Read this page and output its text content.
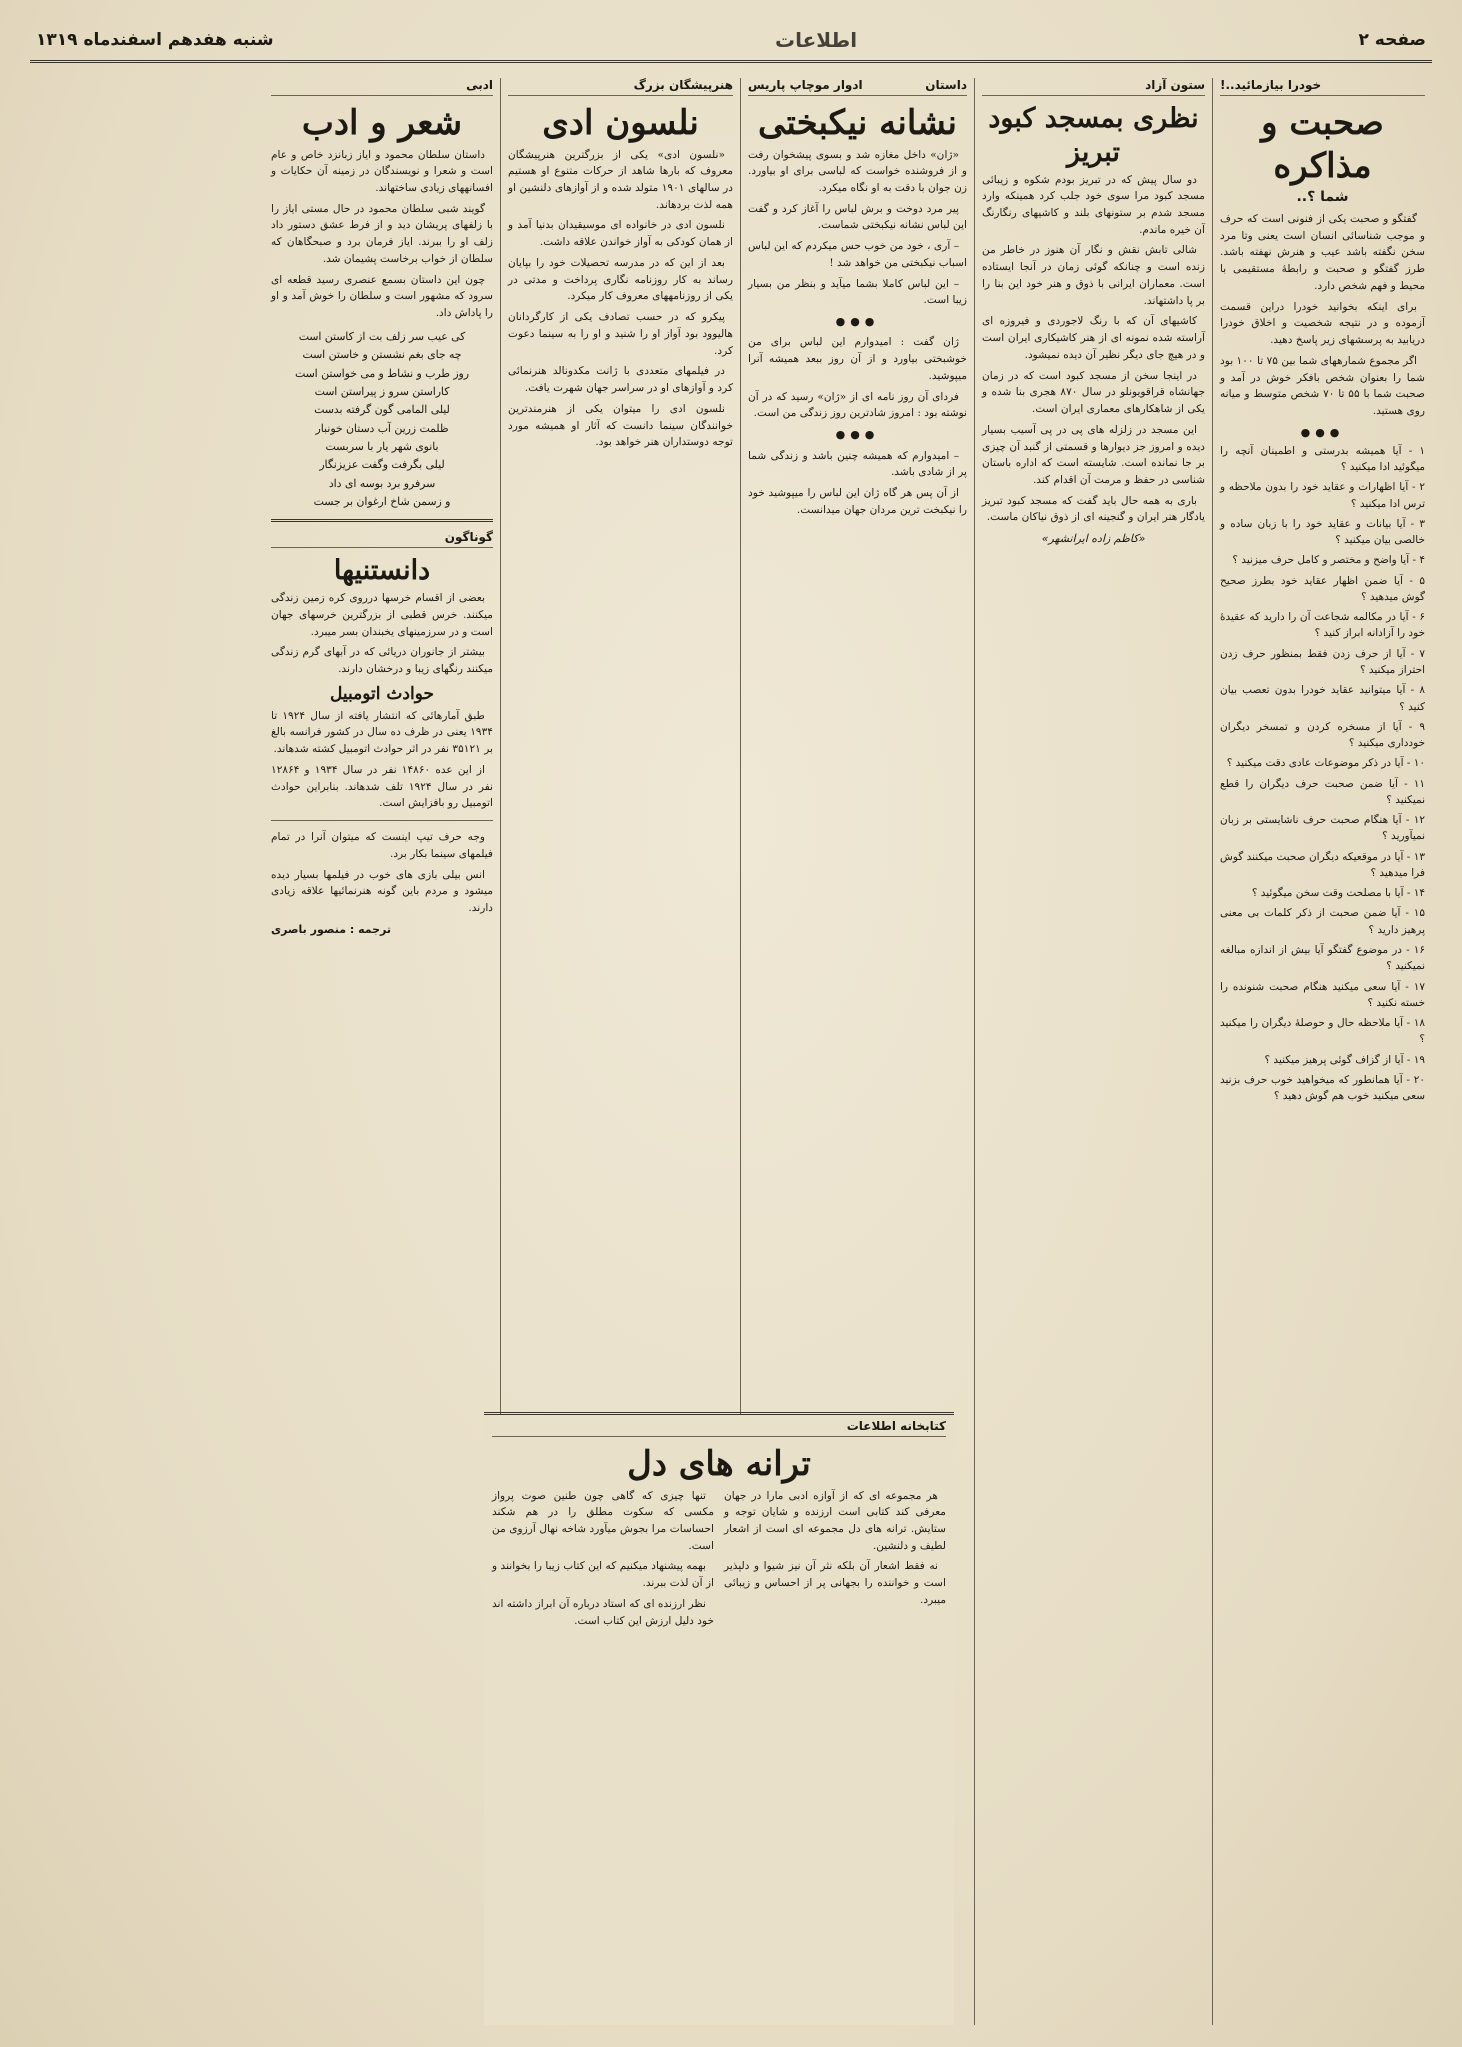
صفحه ۲
اطلاعات
شنبه هفدهم اسفندماه ۱۳۱۹
خودرا بیازمائید..!
صحبت و مذاکره
شما ؟..

گفتگو و صحبت یکی از فنونی است که حرف و موجب شناسائی انسان است یعنی وتا مرد سخن نگفته باشد عیب و هنرش نهفته باشد. طرز گفتگو و صحبت و رابطهٔ مستقیمی با محیط و فهم شخص دارد.

برای اینکه بخوانید خودرا دراین قسمت آزموده و در نتیجه شخصیت و اخلاق خودرا دریابید به پرسشهای زیر پاسخ دهید.

اگر مجموع شمارههای شما بین ۷۵ تا ۱۰۰ بود شما را بعنوان شخص بافکر خوش در آمد و صحبت شما با ۵۵ تا ۷۰ شخص متوسط و میانه روی هستید.

●●●
۱ - آیا همیشه بدرستی و اطمینان آنچه را میگوئید ادا میکنید ؟
۲ - آیا اظهارات و عقاید خود را بدون ملاحظه و ترس ادا میکنید ؟
۳ - آیا بیانات و عقاید خود را با زبان ساده و خالصی بیان میکنید ؟
۴ - آیا واضح و مختصر و کامل حرف میزنید ؟
۵ - آیا ضمن اظهار عقاید خود بطرز صحیح گوش میدهید ؟
۶ - آیا در مکالمه شجاعت آن را دارید که عقیدهٔ خود را آزادانه ابراز کنید ؟
۷ - آیا از حرف زدن فقط بمنظور حرف زدن احتراز میکنید ؟
۸ - آیا میتوانید عقاید خودرا بدون تعصب بیان کنید ؟
۹ - آیا از مسخره کردن و تمسخر دیگران خودداری میکنید ؟
۱۰ - آیا در ذکر موضوعات عادی دقت میکنید ؟
۱۱ - آیا ضمن صحبت حرف دیگران را قطع نمیکنید ؟
۱۲ - آیا هنگام صحبت حرف ناشایستی بر زبان نمیآورید ؟
۱۳ - آیا در موقعیکه دیگران صحبت میکنند گوش فرا میدهید ؟
۱۴ - آیا با مصلحت وقت سخن میگوئید ؟
۱۵ - آیا ضمن صحبت از ذکر کلمات بی معنی پرهیز دارید ؟
۱۶ - در موضوع گفتگو آیا بیش از اندازه مبالغه نمیکنید ؟
۱۷ - آیا سعی میکنید هنگام صحبت شنونده را خسته نکنید ؟
۱۸ - آیا ملاحظه حال و حوصلهٔ دیگران را میکنید ؟
۱۹ - آیا از گزاف گوئی پرهیز میکنید ؟
۲۰ - آیا همانطور که میخواهید خوب حرف بزنید سعی میکنید خوب هم گوش دهید ؟
ستون آزاد
نظری بمسجد کبود تبریز

دو سال پیش که در تبریز بودم شکوه و زیبائی مسجد کبود مرا سوی خود جلب کرد همینکه وارد مسجد شدم بر ستونهای بلند و کاشیهای رنگارنگ آن خیره ماندم.

شالی تابش نقش و نگار آن هنوز در خاطر من زنده است و چنانکه گوئی زمان در آنجا ایستاده است. معماران ایرانی با ذوق و هنر خود این بنا را بر پا داشتهاند.

کاشیهای آن که با رنگ لاجوردی و فیروزه ای آراسته شده نمونه ای از هنر کاشیکاری ایران است و در هیچ جای دیگر نظیر آن دیده نمیشود.

در اینجا سخن از مسجد کبود است که در زمان جهانشاه قراقویونلو در سال ۸۷۰ هجری بنا شده و یکی از شاهکارهای معماری ایران است.

این مسجد در زلزله های پی در پی آسیب بسیار دیده و امروز جز دیوارها و قسمتی از گنبد آن چیزی بر جا نمانده است. شایسته است که اداره باستان شناسی در حفظ و مرمت آن اقدام کند.

باری به همه حال باید گفت که مسجد کبود تبریز یادگار هنر ایران و گنجینه ای از ذوق نیاکان ماست.

«کاظم زاده ایرانشهر»
داستان
ادوار موچاپ پاریس
نشانه نیکبختی

«ژان» داخل مغازه شد و بسوی پیشخوان رفت و از فروشنده خواست که لباسی برای او بیاورد. زن جوان با دقت به او نگاه میکرد.

پیر مرد دوخت و برش لباس را آغاز کرد و گفت این لباس نشانه نیکبختی شماست.

– آری ، خود من خوب حس میکردم که این لباس اسباب نیکبختی من خواهد شد !

– این لباس کاملا بشما میآید و بنظر من بسیار زیبا است.

●●●

ژان گفت : امیدوارم این لباس برای من خوشبختی بیاورد و از آن روز ببعد همیشه آنرا میپوشید.

فردای آن روز نامه ای از «ژان» رسید که در آن نوشته بود : امروز شادترین روز زندگی من است.

●●●

– امیدوارم که همیشه چنین باشد و زندگی شما پر از شادی باشد.

از آن پس هر گاه ژان این لباس را میپوشید خود را نیکبخت ترین مردان جهان میدانست.

هنرپیشگان بزرگ
نلسون ادی

«نلسون ادی» یکی از بزرگترین هنرپیشگان معروف که بارها شاهد از حرکات متنوع او هستیم در سالهای ۱۹۰۱ متولد شده و از آوازهای دلنشین او همه لذت بردهاند.

نلسون ادی در خانواده ای موسیقیدان بدنیا آمد و از همان کودکی به آواز خواندن علاقه داشت.

بعد از این که در مدرسه تحصیلات خود را بپایان رساند به کار روزنامه نگاری پرداخت و مدتی در یکی از روزنامههای معروف کار میکرد.

پیکرو که در حسب تصادف یکی از کارگردانان هالیوود بود آواز او را شنید و او را به سینما دعوت کرد.

در فیلمهای متعددی با ژانت مکدونالد هنرنمائی کرد و آوازهای او در سراسر جهان شهرت یافت.

نلسون ادی را میتوان یکی از هنرمندترین خوانندگان سینما دانست که آثار او همیشه مورد توجه دوستداران هنر خواهد بود.

ادبی
شعر و ادب

داستان سلطان محمود و ایاز زبانزد خاص و عام است و شعرا و نویسندگان در زمینه آن حکایات و افسانههای زیادی ساختهاند.

گویند شبی سلطان محمود در حال مستی ایاز را با زلفهای پریشان دید و از فرط عشق دستور داد زلف او را ببرند. ایاز فرمان برد و صبحگاهان که سلطان از خواب برخاست پشیمان شد.

چون این داستان بسمع عنصری رسید قطعه ای سرود که مشهور است و سلطان را خوش آمد و او را پاداش داد.

کی عیب سر زلف بت از کاستن است
چه جای بغم نشستن و خاستن است
روز طرب و نشاط و می خواستن است
کاراستن سرو ز پیراستن است
لیلی المامی گون گرفته بدست
ظلمت زرین آب دستان خونبار
بانوی شهر یار با سربست
لیلی بگرفت وگفت عزیزنگار
سرفرو برد بوسه ای داد
و زسمن شاخ ارغوان بر جست
گوناگون
دانستنیها

بعضی از اقسام خرسها درروی کره زمین زندگی میکنند. خرس قطبی از بزرگترین خرسهای جهان است و در سرزمینهای یخبندان بسر میبرد.

بیشتر از جانوران دریائی که در آبهای گرم زندگی میکنند رنگهای زیبا و درخشان دارند.

حوادث اتومبیل

طبق آمارهائی که انتشار یافته از سال ۱۹۲۴ تا ۱۹۳۴ یعنی در ظرف ده سال در کشور فرانسه بالغ بر ۳۵۱۲۱ نفر در اثر حوادث اتومبیل کشته شدهاند.

از این عده ۱۴۸۶۰ نفر در سال ۱۹۳۴ و ۱۲۸۶۴ نفر در سال ۱۹۲۴ تلف شدهاند. بنابراین حوادث اتومبیل رو بافزایش است.

وجه حرف تیپ اینست که میتوان آنرا در تمام فیلمهای سینما بکار برد.

انس بیلی بازی های خوب در فیلمها بسیار دیده میشود و مردم باین گونه هنرنمائیها علاقه زیادی دارند.

ترجمه : منصور باصری
کتابخانه اطلاعات
ترانه های دل

هر مجموعه ای که از آوازه ادبی مارا در جهان معرفی کند کتابی است ارزنده و شایان توجه و ستایش. ترانه های دل مجموعه ای است از اشعار لطیف و دلنشین.

نه فقط اشعار آن بلکه نثر آن نیز شیوا و دلپذیر است و خواننده را بجهانی پر از احساس و زیبائی میبرد.

تنها چیزی که گاهی چون طنین صوت پرواز مکسی که سکوت مطلق را در هم شکند احساسات مرا بجوش میآورد شاخه نهال آرزوی من است.

بهمه پیشنهاد میکنیم که این کتاب زیبا را بخوانند و از آن لذت ببرند.

نظر ارزنده ای که استاد درباره آن ابراز داشته اند خود دلیل ارزش این کتاب است.
